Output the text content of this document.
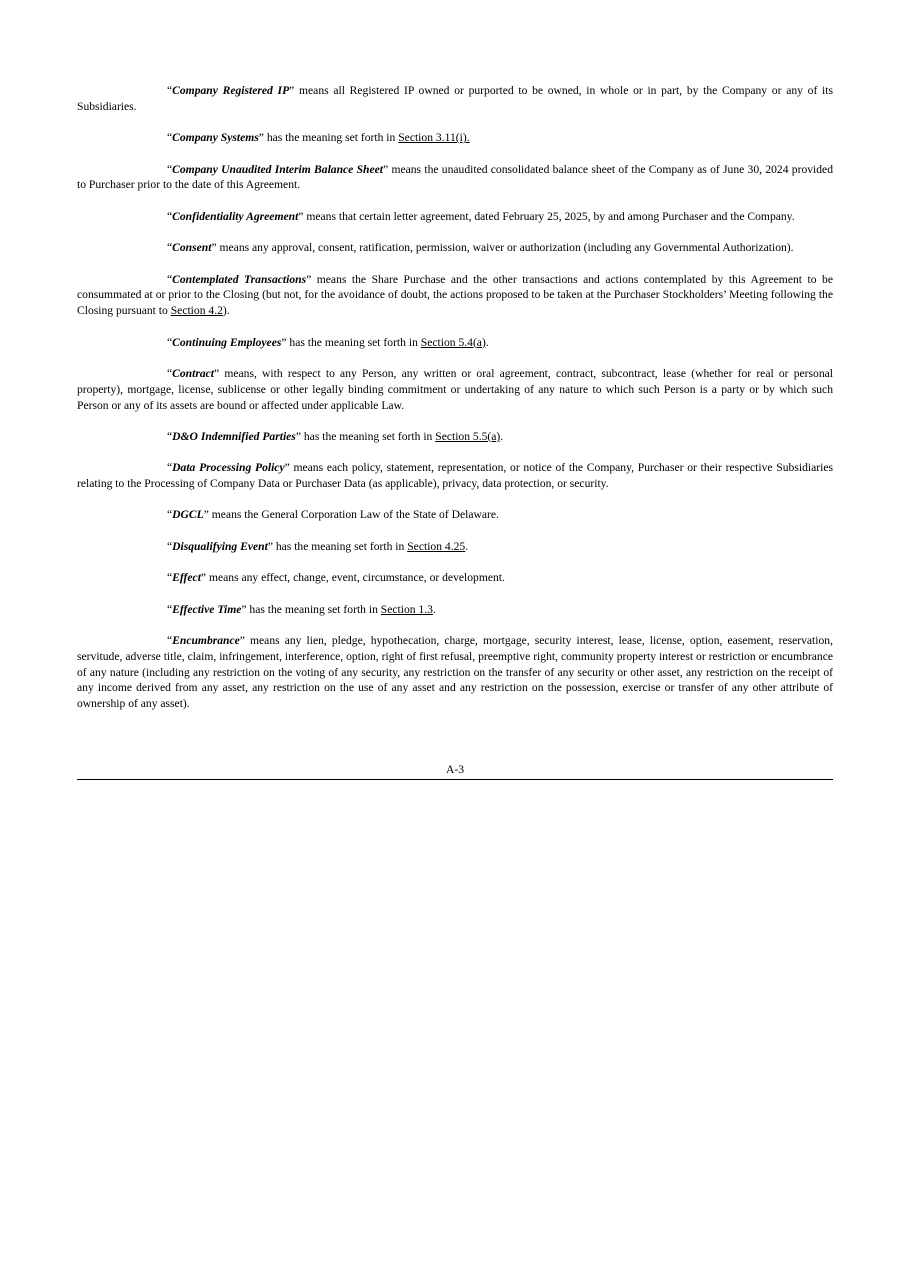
“Company Registered IP” means all Registered IP owned or purported to be owned, in whole or in part, by the Company or any of its Subsidiaries.

“Company Systems” has the meaning set forth in Section 3.11(i).

“Company Unaudited Interim Balance Sheet” means the unaudited consolidated balance sheet of the Company as of June 30, 2024 provided to Purchaser prior to the date of this Agreement.

“Confidentiality Agreement” means that certain letter agreement, dated February 25, 2025, by and among Purchaser and the Company.

“Consent” means any approval, consent, ratification, permission, waiver or authorization (including any Governmental Authorization).

“Contemplated Transactions” means the Share Purchase and the other transactions and actions contemplated by this Agreement to be consummated at or prior to the Closing (but not, for the avoidance of doubt, the actions proposed to be taken at the Purchaser Stockholders’ Meeting following the Closing pursuant to Section 4.2).

“Continuing Employees” has the meaning set forth in Section 5.4(a).

“Contract” means, with respect to any Person, any written or oral agreement, contract, subcontract, lease (whether for real or personal property), mortgage, license, sublicense or other legally binding commitment or undertaking of any nature to which such Person is a party or by which such Person or any of its assets are bound or affected under applicable Law.

“D&O Indemnified Parties” has the meaning set forth in Section 5.5(a).

“Data Processing Policy” means each policy, statement, representation, or notice of the Company, Purchaser or their respective Subsidiaries relating to the Processing of Company Data or Purchaser Data (as applicable), privacy, data protection, or security.

“DGCL” means the General Corporation Law of the State of Delaware.

“Disqualifying Event” has the meaning set forth in Section 4.25.

“Effect” means any effect, change, event, circumstance, or development.

“Effective Time” has the meaning set forth in Section 1.3.

“Encumbrance” means any lien, pledge, hypothecation, charge, mortgage, security interest, lease, license, option, easement, reservation, servitude, adverse title, claim, infringement, interference, option, right of first refusal, preemptive right, community property interest or restriction or encumbrance of any nature (including any restriction on the voting of any security, any restriction on the transfer of any security or other asset, any restriction on the receipt of any income derived from any asset, any restriction on the use of any asset and any restriction on the possession, exercise or transfer of any other attribute of ownership of any asset).

A-3
